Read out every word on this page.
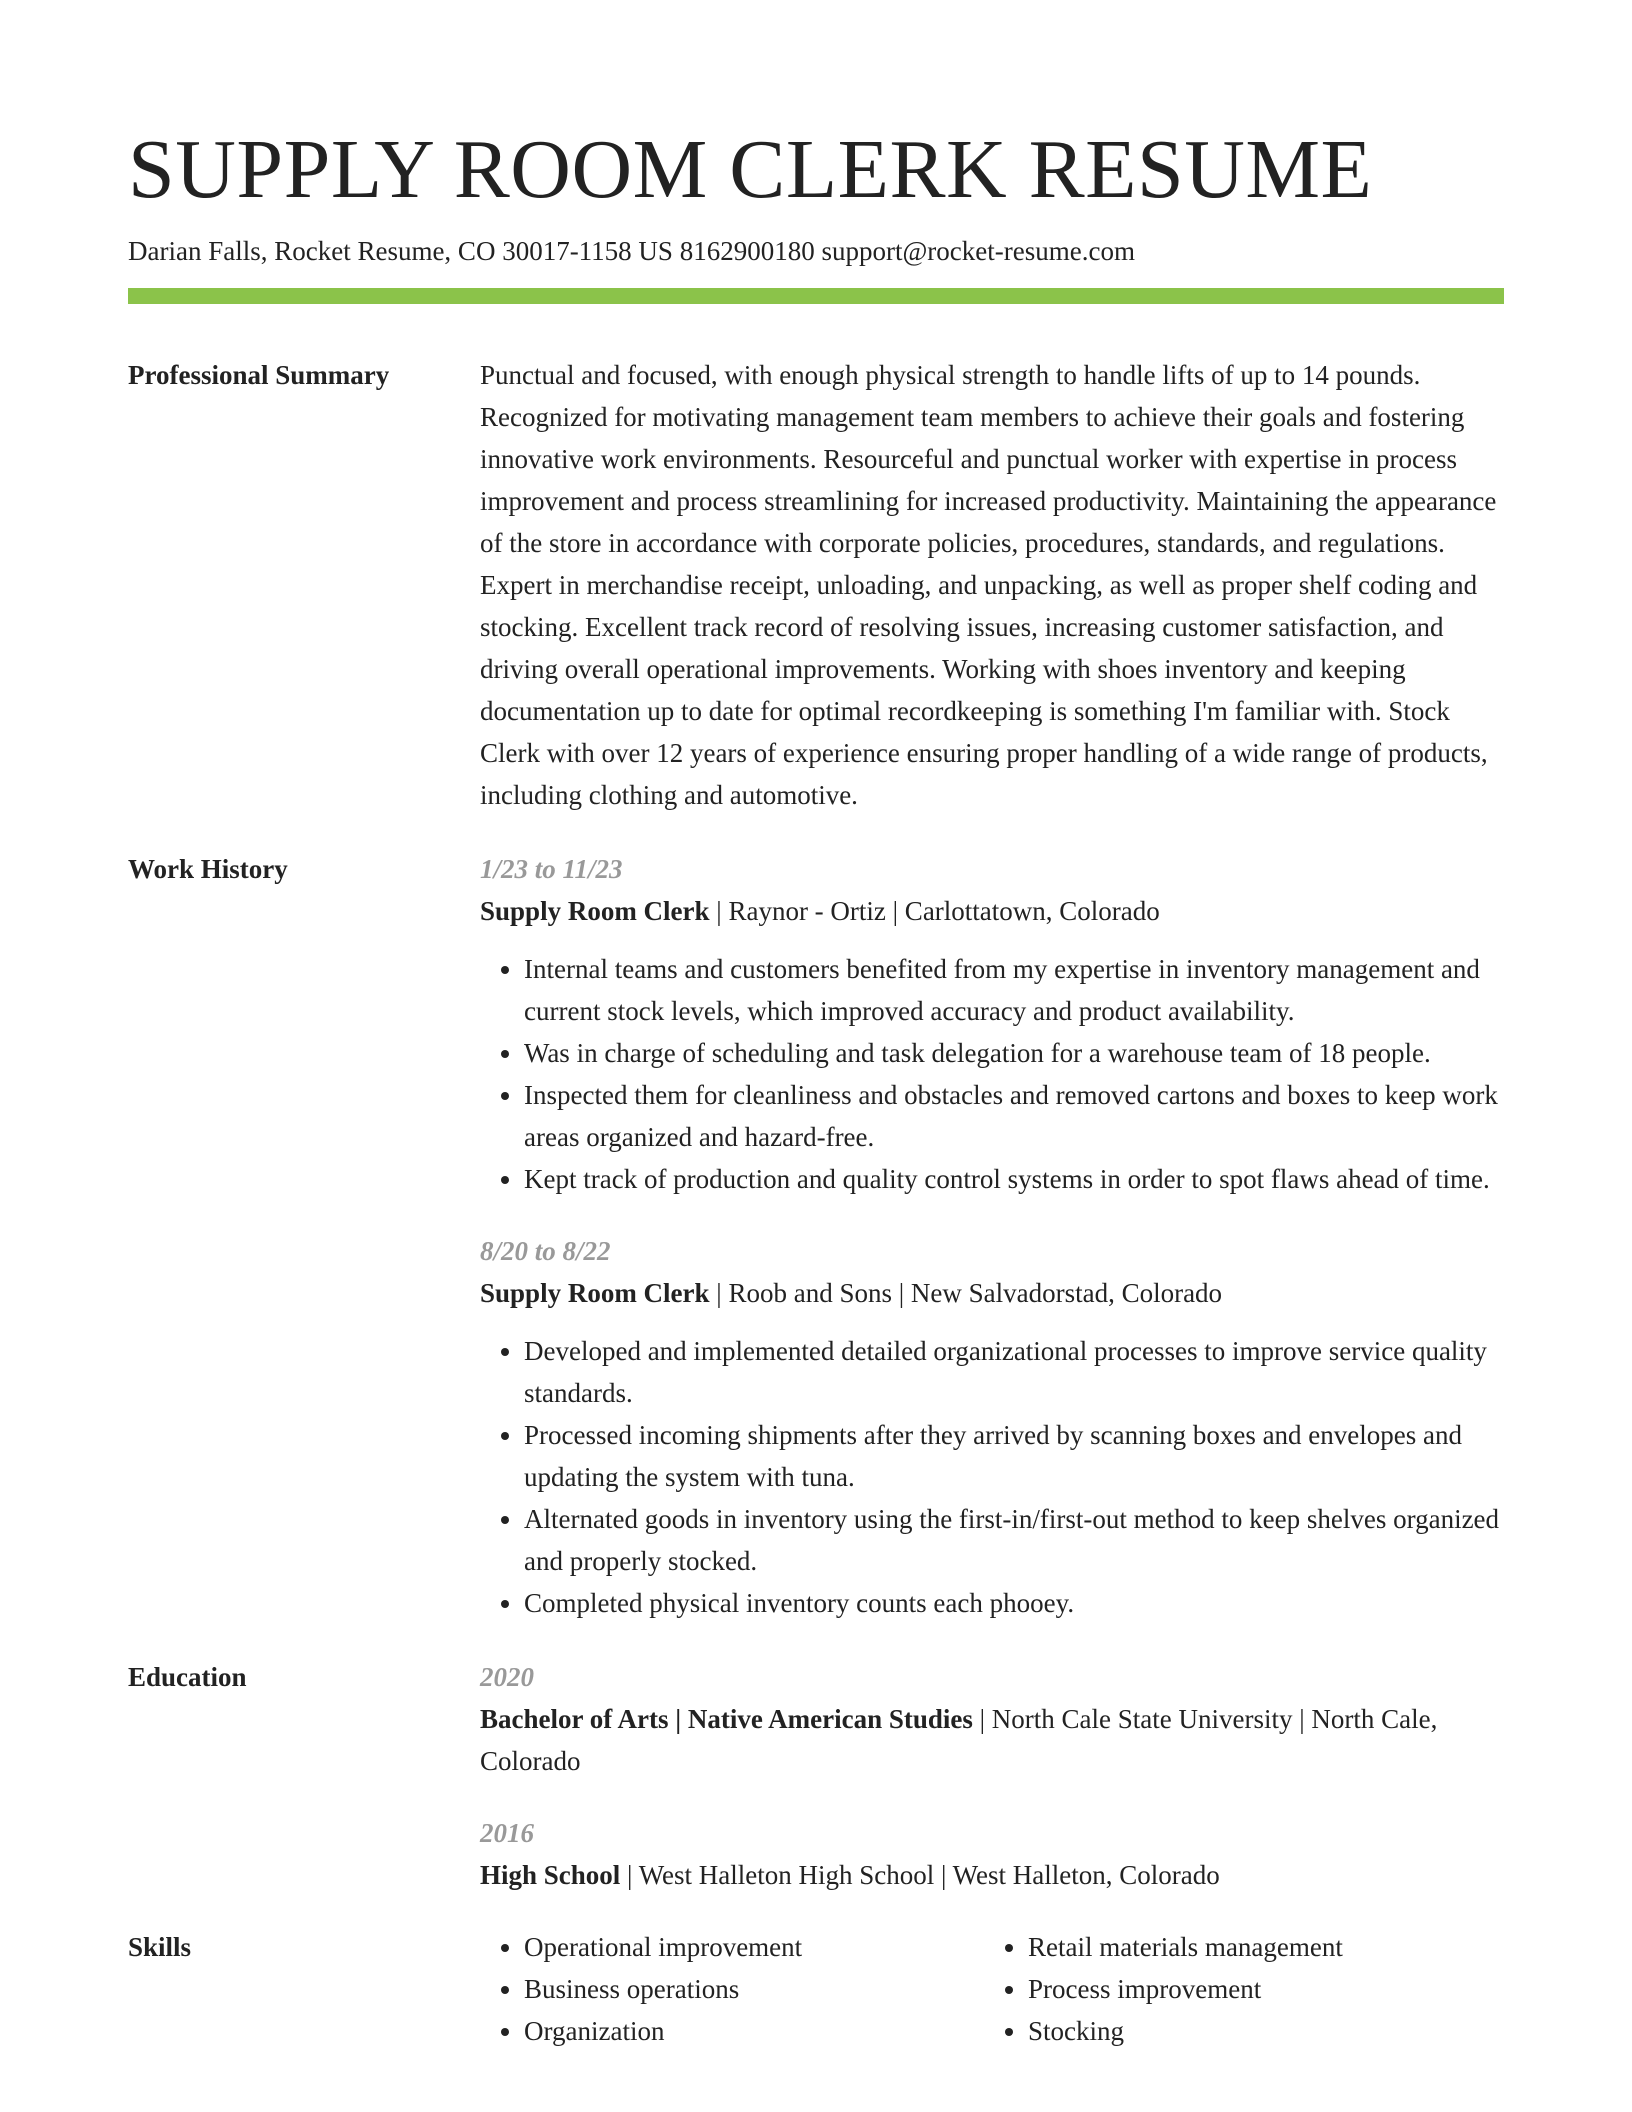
SUPPLY ROOM CLERK RESUME
Darian Falls, Rocket Resume, CO 30017-1158 US 8162900180 support@rocket-resume.com
Professional Summary	Punctual and focused, with enough physical strength to handle lifts of up to 14 pounds. Recognized for motivating management team members to achieve their goals and fostering innovative work environments. Resourceful and punctual worker with expertise in process improvement and process streamlining for increased productivity. Maintaining the appearance of the store in accordance with corporate policies, procedures, standards, and regulations. Expert in merchandise receipt, unloading, and unpacking, as well as proper shelf coding and stocking. Excellent track record of resolving issues, increasing customer satisfaction, and driving overall operational improvements. Working with shoes inventory and keeping documentation up to date for optimal recordkeeping is something I'm familiar with. Stock Clerk with over 12 years of experience ensuring proper handling of a wide range of products, including clothing and automotive.
Work History	1/23 to 11/23
Supply Room Clerk | Raynor - Ortiz | Carlottatown, Colorado
• Internal teams and customers benefited from my expertise in inventory management and current stock levels, which improved accuracy and product availability.
• Was in charge of scheduling and task delegation for a warehouse team of 18 people.
• Inspected them for cleanliness and obstacles and removed cartons and boxes to keep work areas organized and hazard-free.
• Kept track of production and quality control systems in order to spot flaws ahead of time.
8/20 to 8/22
Supply Room Clerk | Roob and Sons | New Salvadorstad, Colorado
• Developed and implemented detailed organizational processes to improve service quality standards.
• Processed incoming shipments after they arrived by scanning boxes and envelopes and updating the system with tuna.
• Alternated goods in inventory using the first-in/first-out method to keep shelves organized and properly stocked.
• Completed physical inventory counts each phooey.
Education	2020
Bachelor of Arts | Native American Studies | North Cale State University | North Cale, Colorado
2016
High School | West Halleton High School | West Halleton, Colorado
Skills
•	Operational improvement
• Business operations
• Organization
• Retail materials management
• Process improvement
• Stocking
